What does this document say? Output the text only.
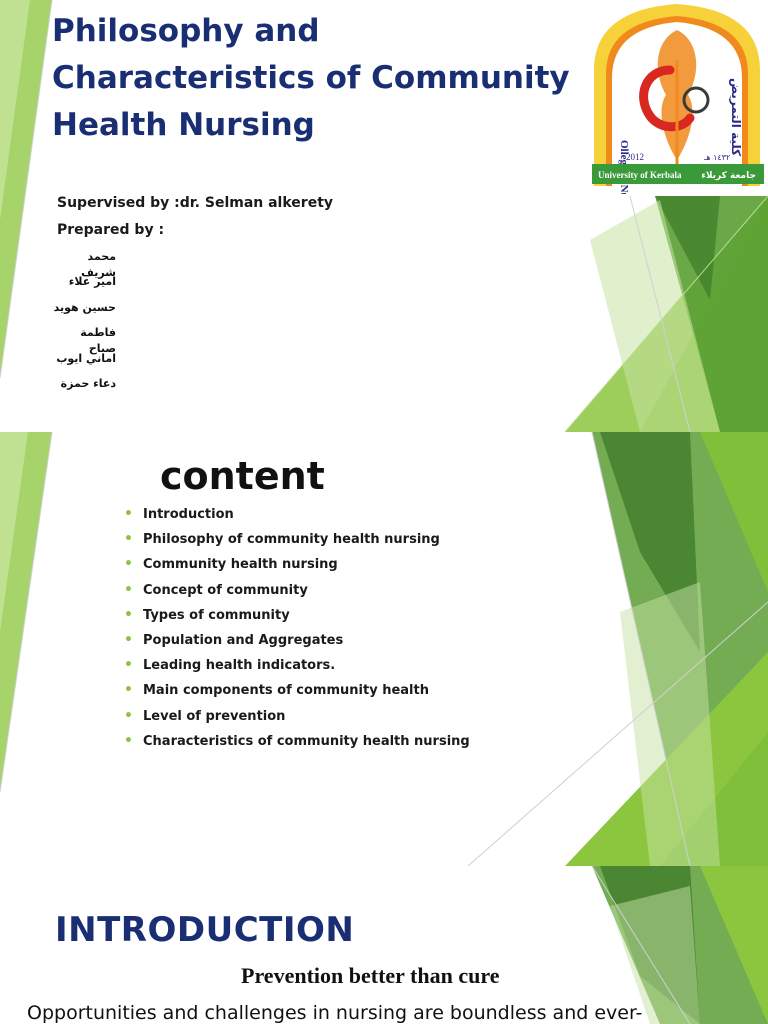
Philosophy and Characteristics of Community Health Nursing

Supervised by :dr. Selman alkerety

Prepared by :

محمد شريف
امير علاء
حسين هويد
فاطمة صباح
اماني ايوب
دعاء حمزة
كلية التمريض
2012	١٤٣٢ هـ
University of Kerbala جامعة كربلاء
content
• Introduction
• Philosophy of community health nursing
• Community health nursing
• Concept of community
• Types of community
• Population and Aggregates
• Leading health indicators.
• Main components of community health
• Level of prevention
• Characteristics of community health nursing
INTRODUCTION

Prevention better than cure

Opportunities and challenges in nursing are boundless and ever-
